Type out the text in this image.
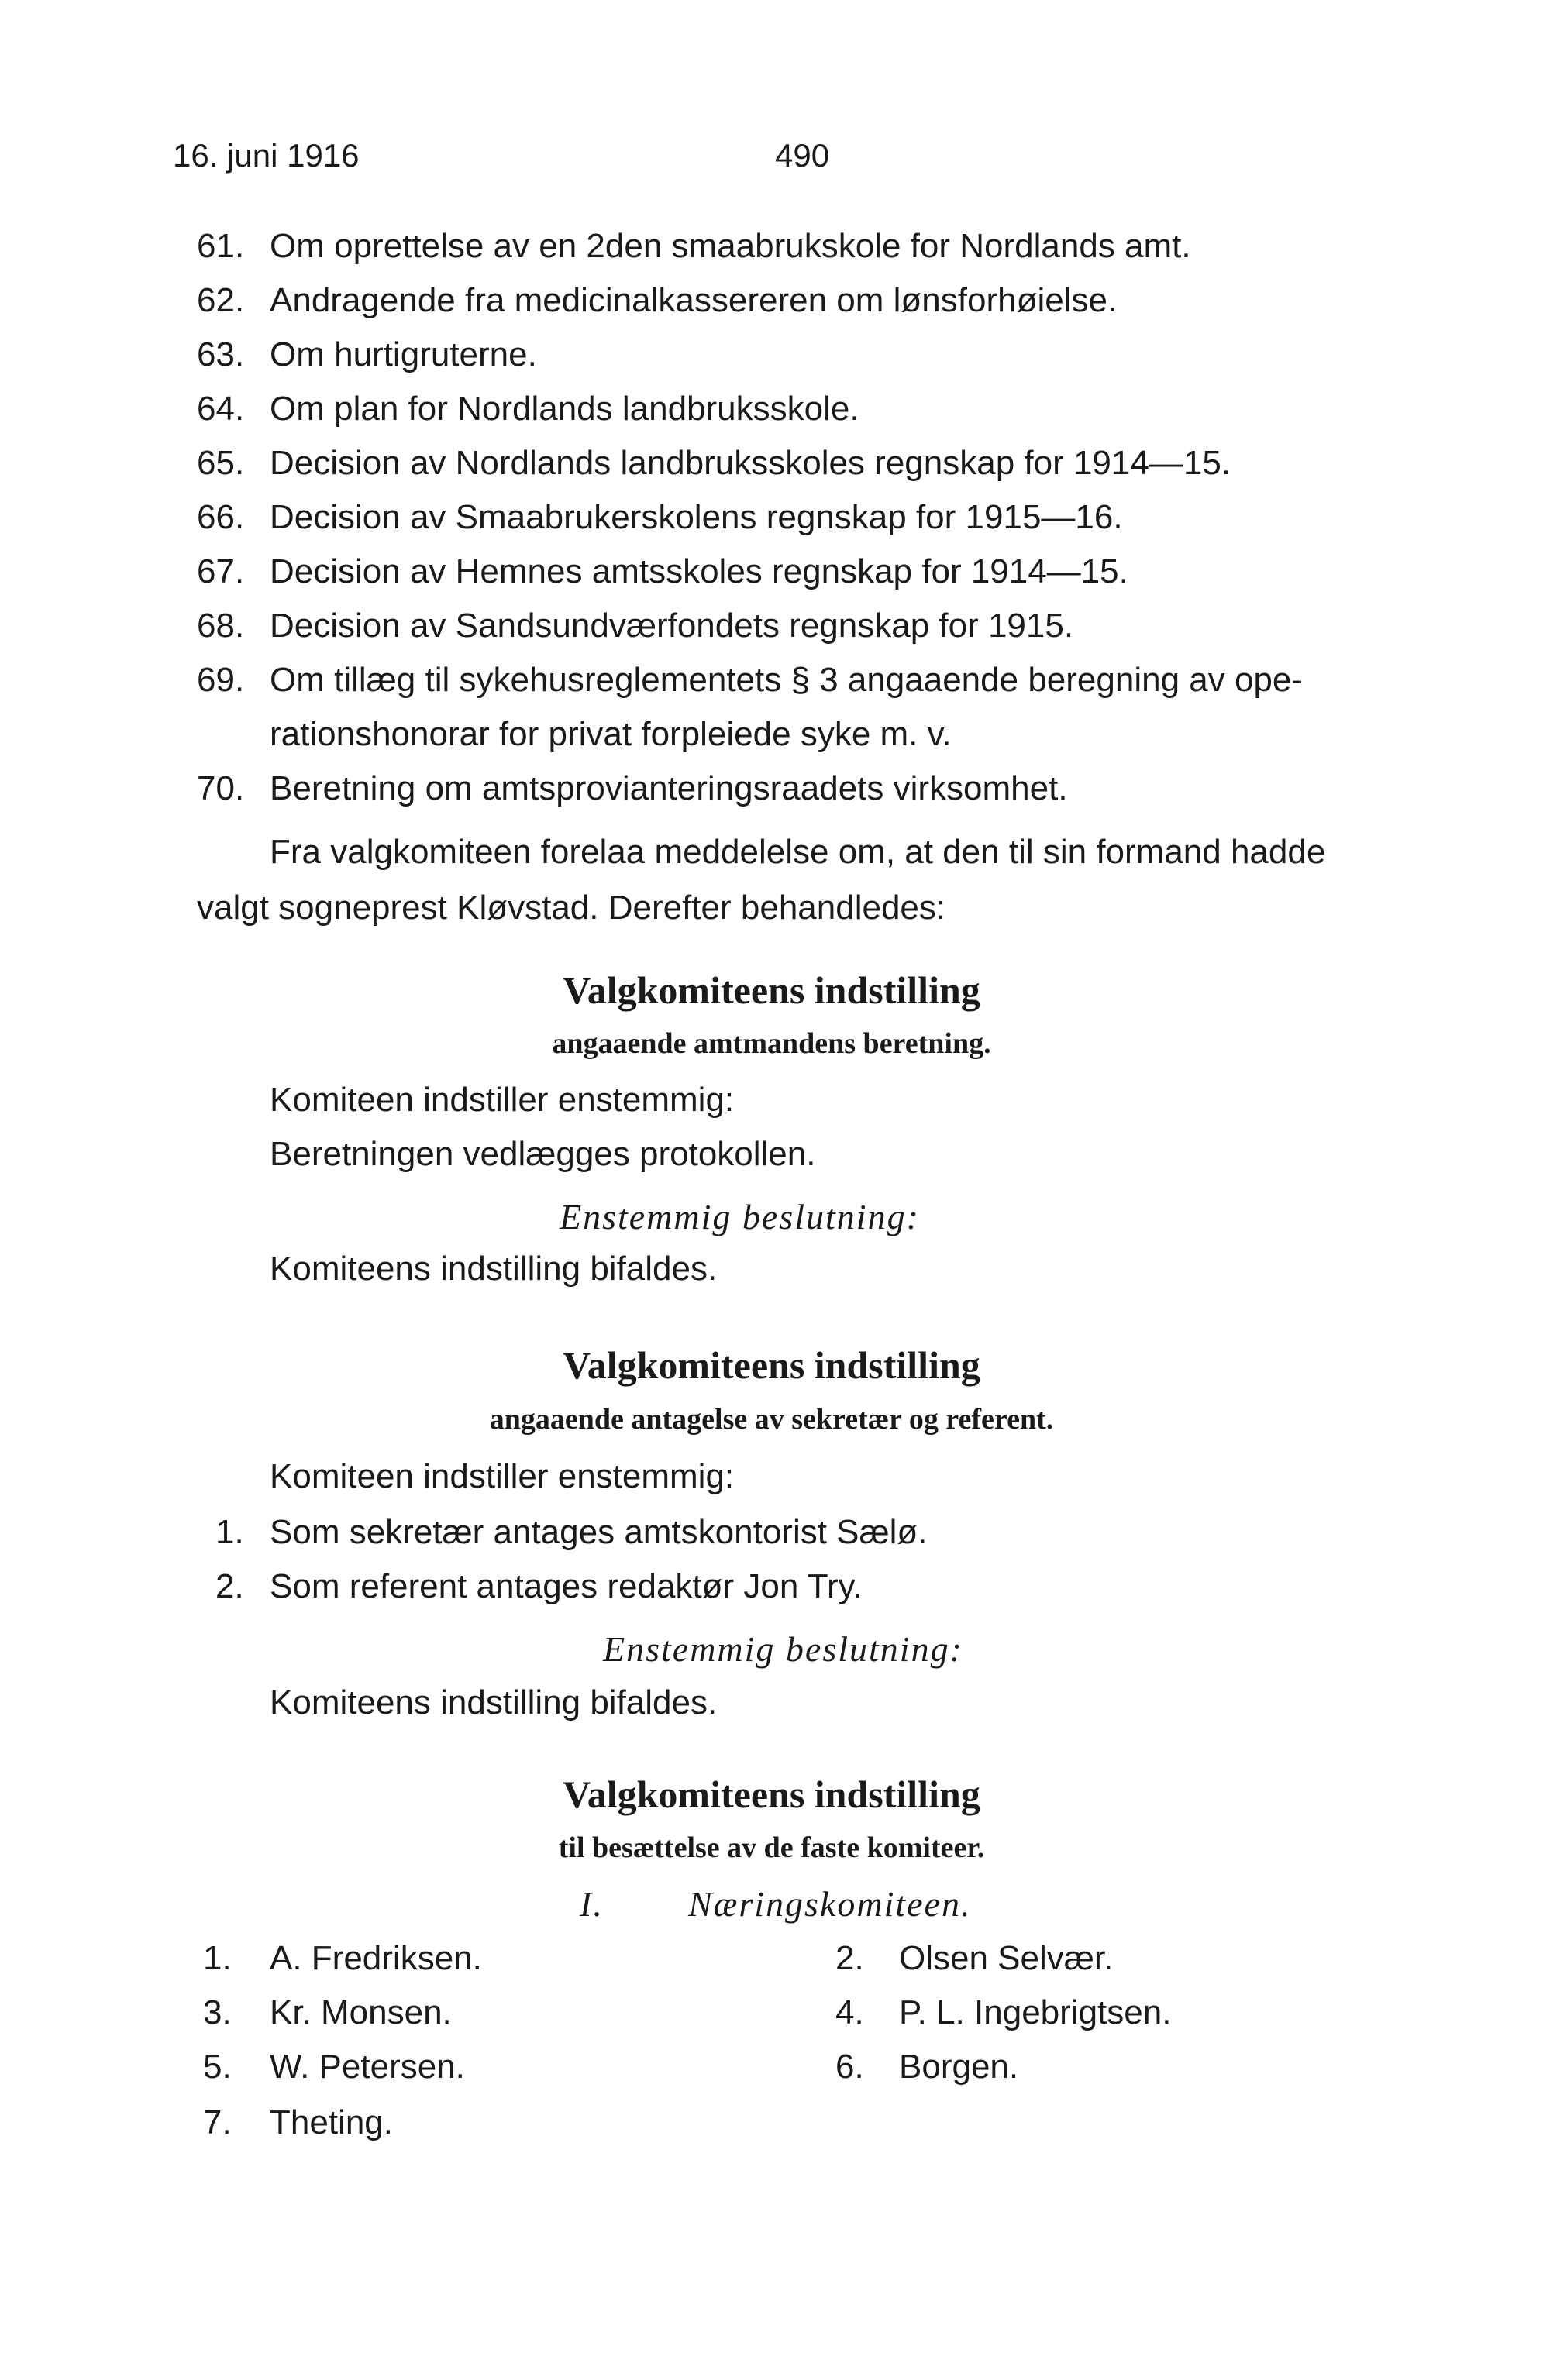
16. juni 1916	490
61. Om oprettelse av en 2den smaabrukskole for Nordlands amt.
62. Andragende fra medicinalkassereren om lønsforhøielse.
63. Om hurtigruterne.
64. Om plan for Nordlands landbruksskole.
65. Decision av Nordlands landbruksskoles regnskap for 1914—15.
66. Decision av Smaabrukerskolens regnskap for 1915—16.
67. Decision av Hemnes amtsskoles regnskap for 1914—15.
68. Decision av Sandsundværfondets regnskap for 1915.
69. Om tillæg til sykehusreglementets § 3 angaaende beregning av ope-
rationshonorar for privat forpleiede syke m. v.
70. Beretning om amtsprovianteringsraadets virksomhet.
Fra valgkomiteen forelaa meddelelse om, at den til sin formand hadde
valgt sogneprest Kløvstad. Derefter behandledes:
Valgkomiteens indstilling
angaaende amtmandens beretning.
Komiteen indstiller enstemmig:
Beretningen vedlægges protokollen.
Enstemmig beslutning:
Komiteens indstilling bifaldes.
Valgkomiteens indstilling
angaaende antagelse av sekretær og referent.
Komiteen indstiller enstemmig:
1. Som sekretær antages amtskontorist Sælø.
2. Som referent antages redaktør Jon Try.
Enstemmig beslutning:
Komiteens indstilling bifaldes.
Valgkomiteens indstilling
til besættelse av de faste komiteer.
I. Næringskomiteen.
1. A. Fredriksen.	2. Olsen Selvær.
3. Kr. Monsen.	4. P. L. Ingebrigtsen.
5. W. Petersen.	6. Borgen.
7. Theting.
